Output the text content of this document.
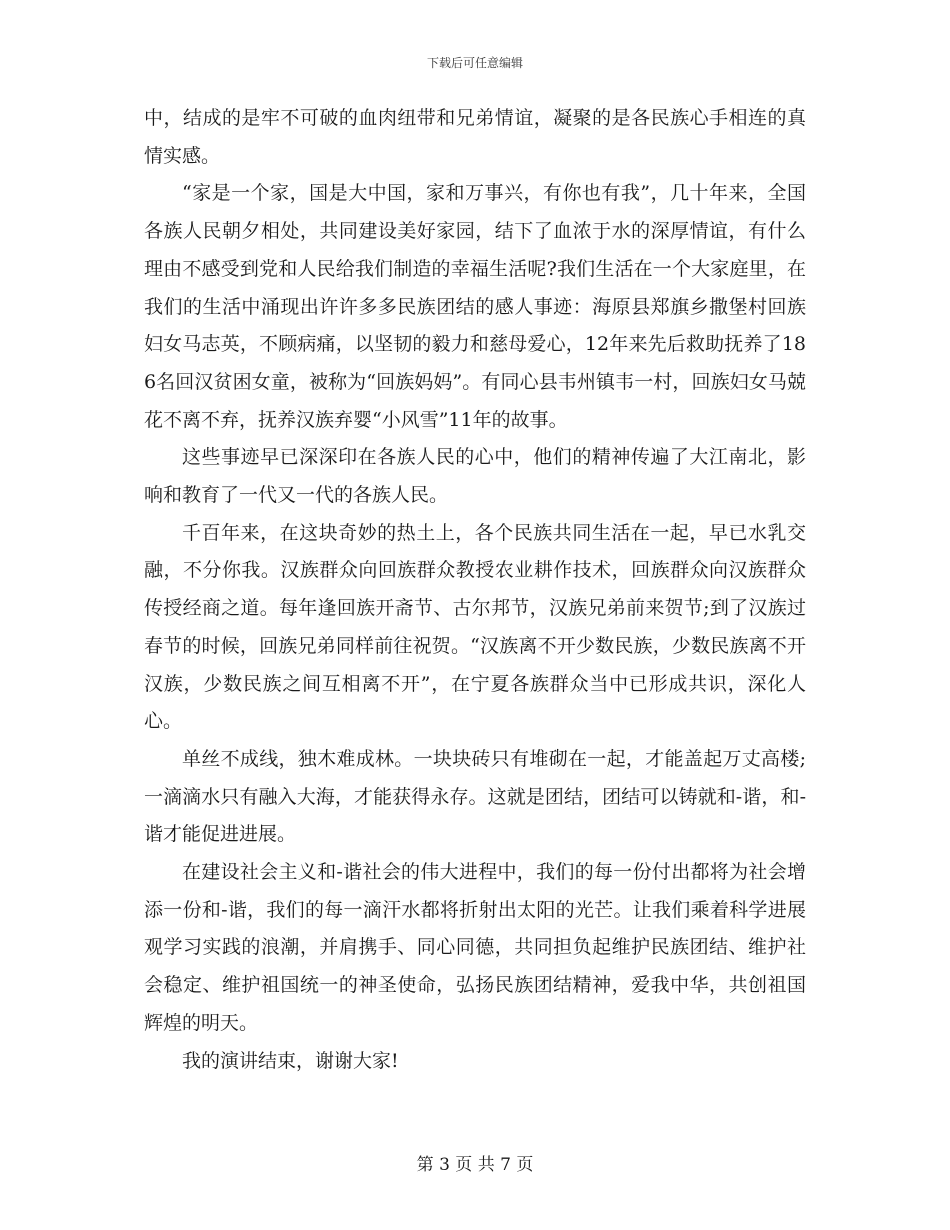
下载后可任意编辑

中，结成的是牢不可破的血肉纽带和兄弟情谊，凝聚的是各民族心手相连的真情实感。

“家是一个家，国是大中国，家和万事兴，有你也有我”，几十年来，全国各族人民朝夕相处，共同建设美好家园，结下了血浓于水的深厚情谊，有什么理由不感受到党和人民给我们制造的幸福生活呢?我们生活在一个大家庭里，在我们的生活中涌现出许许多多民族团结的感人事迹：海原县郑旗乡撒堡村回族妇女马志英，不顾病痛，以坚韧的毅力和慈母爱心，12年来先后救助抚养了186名回汉贫困女童，被称为“回族妈妈”。有同心县韦州镇韦一村，回族妇女马兢花不离不弃，抚养汉族弃婴“小风雪”11年的故事。

这些事迹早已深深印在各族人民的心中，他们的精神传遍了大江南北，影响和教育了一代又一代的各族人民。

千百年来，在这块奇妙的热土上，各个民族共同生活在一起，早已水乳交融，不分你我。汉族群众向回族群众教授农业耕作技术，回族群众向汉族群众传授经商之道。每年逢回族开斋节、古尔邦节，汉族兄弟前来贺节;到了汉族过春节的时候，回族兄弟同样前往祝贺。“汉族离不开少数民族，少数民族离不开汉族，少数民族之间互相离不开”，在宁夏各族群众当中已形成共识，深化人心。

单丝不成线，独木难成林。一块块砖只有堆砌在一起，才能盖起万丈高楼;一滴滴水只有融入大海，才能获得永存。这就是团结，团结可以铸就和-谐，和-谐才能促进进展。

在建设社会主义和-谐社会的伟大进程中，我们的每一份付出都将为社会增添一份和-谐，我们的每一滴汗水都将折射出太阳的光芒。让我们乘着科学进展观学习实践的浪潮，并肩携手、同心同德，共同担负起维护民族团结、维护社会稳定、维护祖国统一的神圣使命，弘扬民族团结精神，爱我中华，共创祖国辉煌的明天。

我的演讲结束，谢谢大家!

第 3 页 共 7 页
